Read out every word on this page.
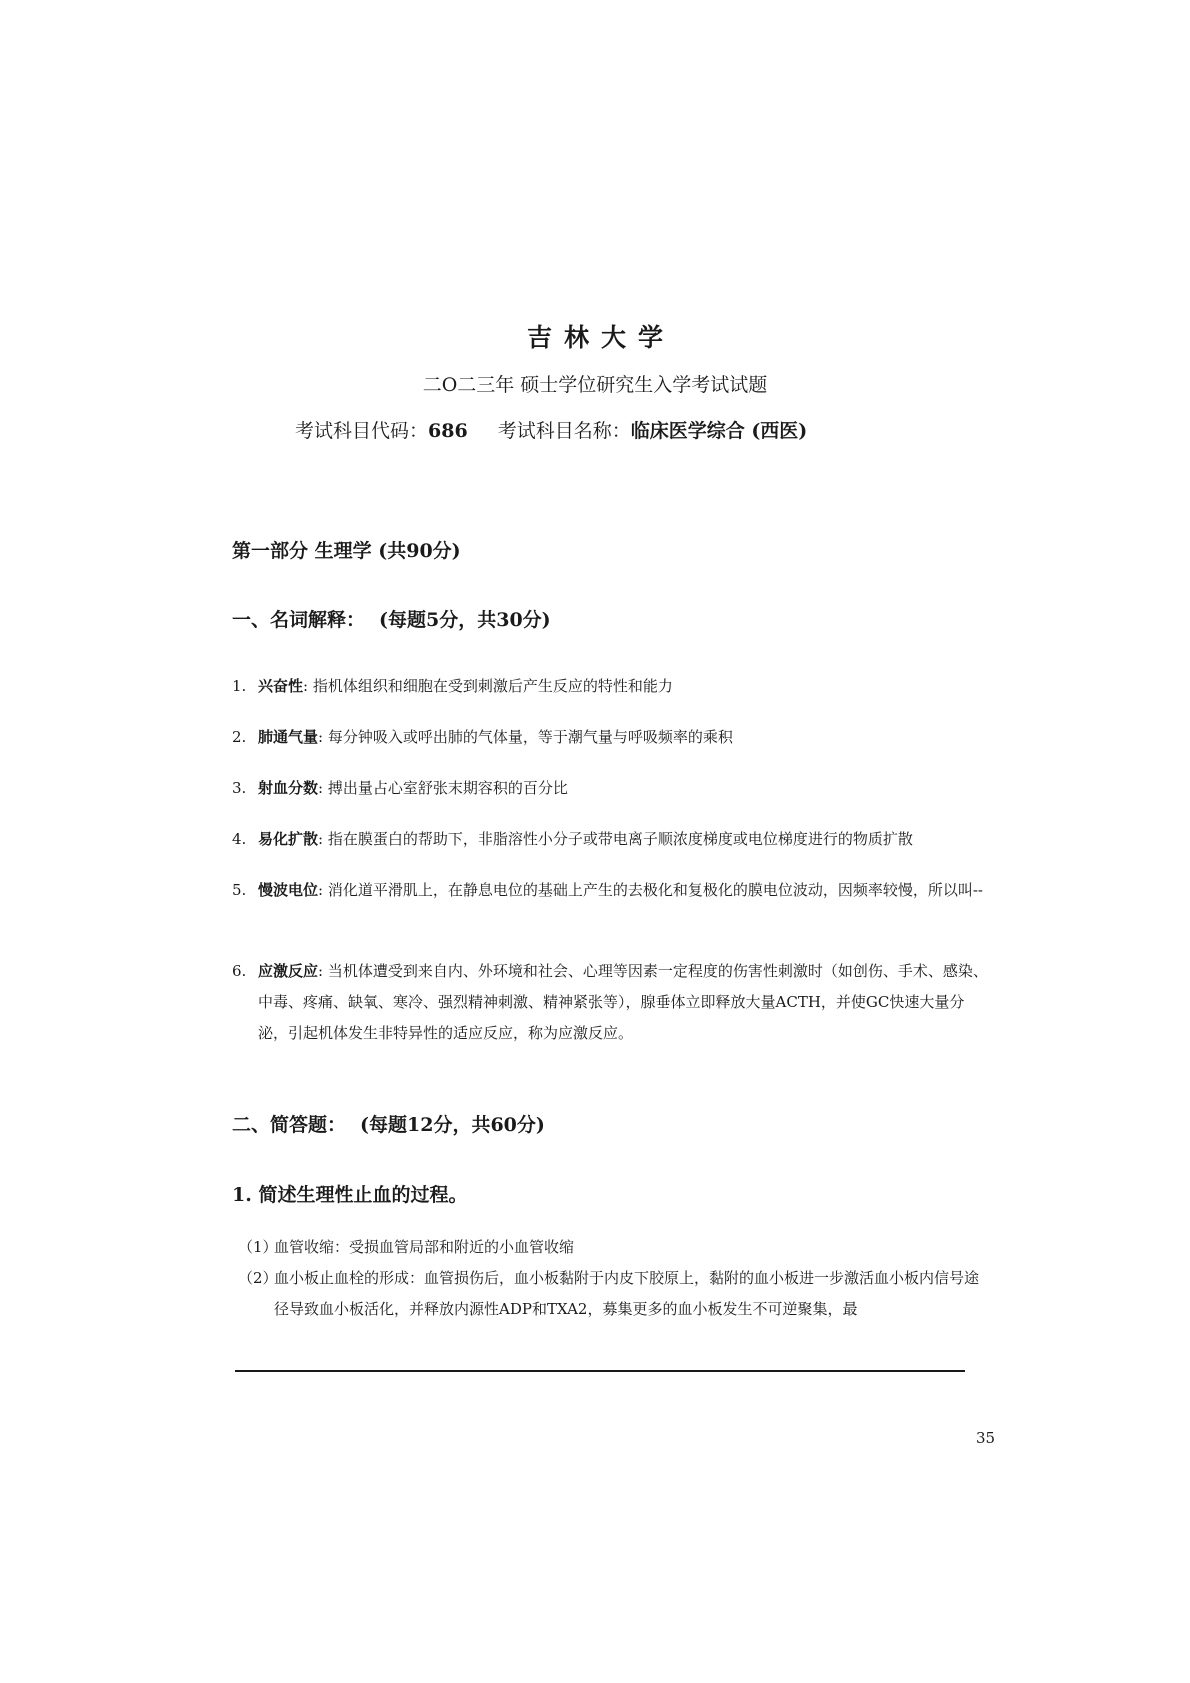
吉林大学
二O二三年 硕士学位研究生入学考试试题
考试科目代码：686 考试科目名称：临床医学综合 (西医)
第一部分 生理学 (共90分)
一、名词解释： (每题5分，共30分)
1. 兴奋性: 指机体组织和细胞在受到刺激后产生反应的特性和能力
2. 肺通气量: 每分钟吸入或呼出肺的气体量，等于潮气量与呼吸频率的乘积
3. 射血分数: 搏出量占心室舒张末期容积的百分比
4. 易化扩散: 指在膜蛋白的帮助下，非脂溶性小分子或带电离子顺浓度梯度或电位梯度进行的物质扩散
5. 慢波电位: 消化道平滑肌上，在静息电位的基础上产生的去极化和复极化的膜电位波动，因频率较慢，所以叫--
6. 应激反应: 当机体遭受到来自内、外环境和社会、心理等因素一定程度的伤害性刺激时（如创伤、手术、感染、中毒、疼痛、缺氧、寒冷、强烈精神刺激、精神紧张等），腺垂体立即释放大量ACTH，并使GC快速大量分泌，引起机体发生非特异性的适应反应，称为应激反应。
二、简答题： (每题12分，共60分)
1. 简述生理性止血的过程。
（1）
血管收缩：受损血管局部和附近的小血管收缩
（2）
血小板止血栓的形成：血管损伤后，血小板黏附于内皮下胶原上，黏附的血小板进一步激活血小板内信号途径导致血小板活化，并释放内源性ADP和TXA2，募集更多的血小板发生不可逆聚集，最
35
